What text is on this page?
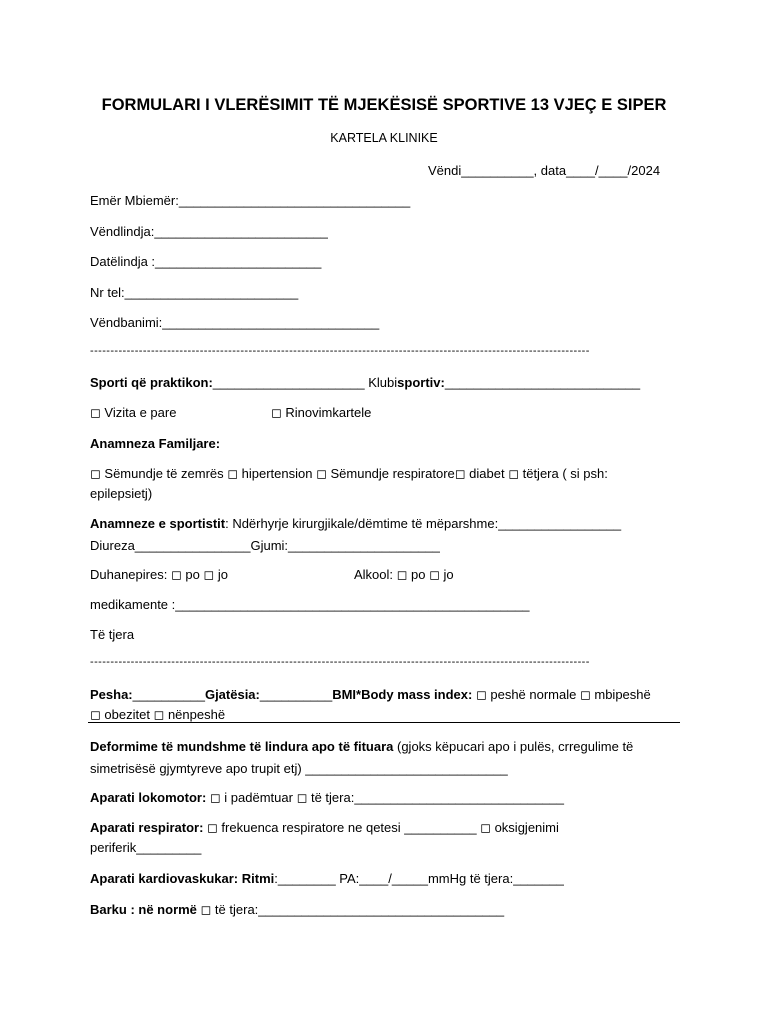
FORMULARI I VLERËSIMIT TË MJEKËSISË SPORTIVE 13 VJEÇ E SIPER
KARTELA KLINIKE
Vëndi__________, data____/____/2024
Emër Mbiemër:________________________________
Vëndlindja:________________________
Datëlindja :_______________________
Nr tel:________________________
Vëndbanimi:______________________________
---------------------------------------------------------------------------------------------------------------------------
Sporti që praktikon:_____________________ Klubisportiv:___________________________
◻ Vizita e pare	◻ Rinovimkartele
Anamneza Familjare:
◻ Sëmundje të zemrës ◻ hipertension ◻ Sëmundje respiratore◻ diabet ◻ tëtjera ( si psh:
epilepsietj)
Anamneze e sportistit: Ndërhyrje kirurgjikale/dëmtime të mëparshme:_________________
Diureza________________Gjumi:_____________________
Duhanepires: ◻ po ◻ jo	Alkool: ◻ po ◻ jo
medikamente :_________________________________________________
Të tjera
---------------------------------------------------------------------------------------------------------------------------
Pesha:__________Gjatësia:__________BMI*Body mass index: ◻ peshë normale ◻ mbipeshë
◻ obezitet ◻ nënpeshë
Deformime të mundshme të lindura apo të fituara (gjoks këpucari apo i pulës, crregulime të
simetrisësë gjymtyreve apo trupit etj) ____________________________
Aparati lokomotor: ◻ i padëmtuar ◻ të tjera:_____________________________
Aparati respirator: ◻ frekuenca respiratore ne qetesi __________ ◻ oksigjenimi
periferik_________
Aparati kardiovaskukar: Ritmi:________ PA:____/_____mmHg të tjera:_______
Barku : në normë ◻ të tjera:__________________________________
